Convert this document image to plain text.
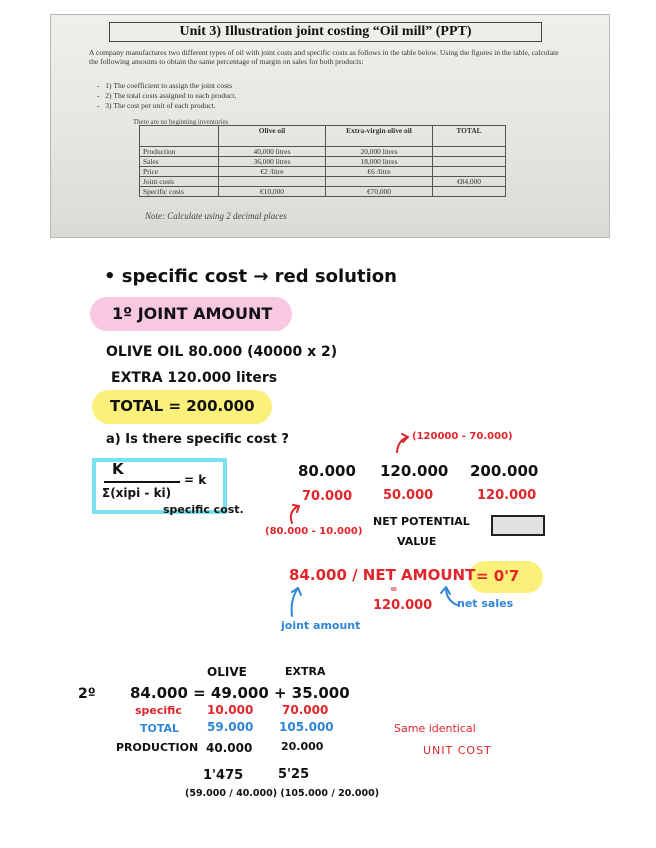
Unit 3) Illustration joint costing “Oil mill” (PPT)
A company manufactures two different types of oil with joint costs and specific costs as follows in the table below. Using the figures in the table, calculate the following amounts to obtain the same percentage of margin on sales for both products:
- 1) The coefficient to assign the joint costs
- 2) The total costs assigned to each product.
- 3) The cost per unit of each product.
There are no beginning inventories
	Olive oil	Extra-virgin olive oil	TOTAL
Production	40,000 litres	20,000 litres	
Sales	36,000 litres	18,000 litres	
Price	€2 /litre	€6 /litre	
Joint costs			€84,000
Specific costs	€10,000	€70,000	
Note: Calculate using 2 decimal places
• specific cost → red solution
1º JOINT AMOUNT
OLIVE OIL 80.000 (40000 x 2)
EXTRA 120.000 liters
TOTAL = 200.000
a) Is there specific cost ?
K
Σ(xipi - ki)
= k
specific cost.
(120000 - 70.000)
80.000 120.000 200.000
70.000 50.000	120.000
(80.000 - 10.000)
NET POTENTIAL
VALUE
84.000 / NET AMOUNT = 0'7
=
120.000
joint amount
net sales
2º
OLIVE	EXTRA
84.000 = 49.000 + 35.000
specific 10.000 70.000
TOTAL 59.000 105.000
PRODUCTION 40.000	20.000
1'475	5'25
(59.000 / 40.000) (105.000 / 20.000)
Same identical
UNIT COST
